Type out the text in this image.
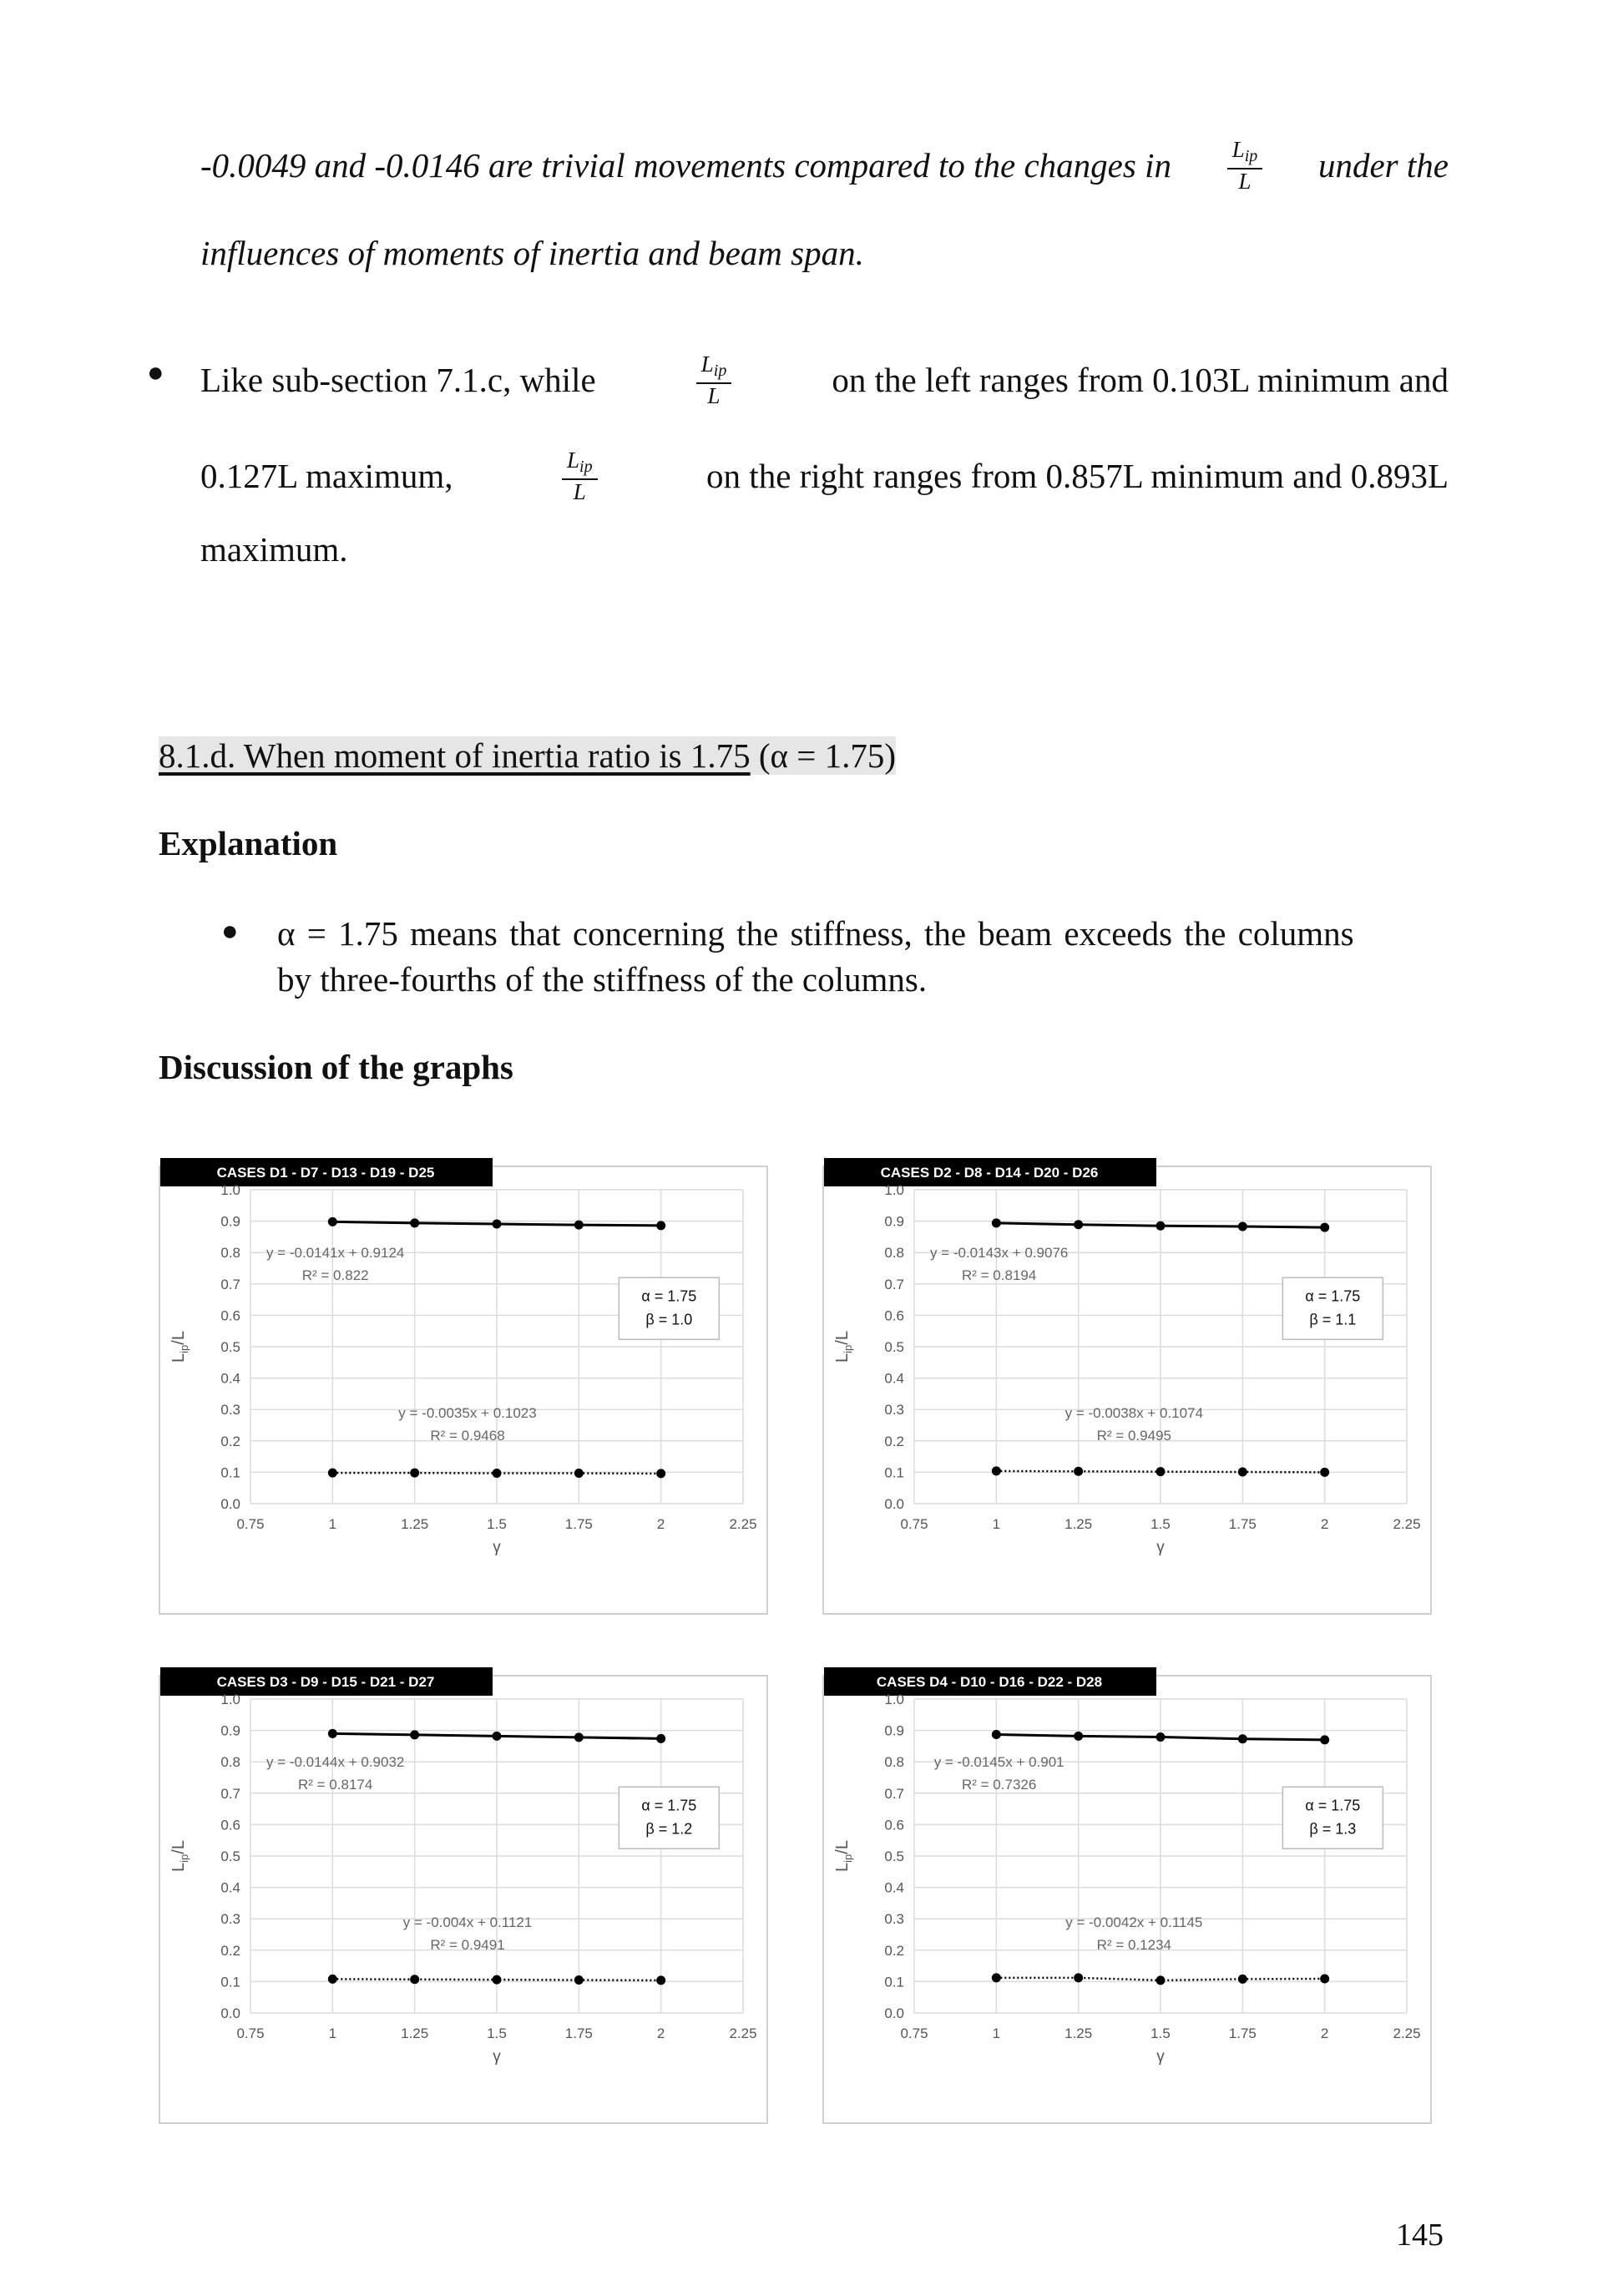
-0.0049 and -0.0146 are trivial movements compared to the changes in $\frac{L_{ip}}{L}$ under the
influences of moments of inertia and beam span.
● Like sub-section 7.1.c, while	$\frac{L_{ip}}{L}$	on the left ranges from 0.103L minimum and
0.127L maximum,	$\frac{L_{ip}}{L}$	on the right ranges from 0.857L minimum and 0.893L
maximum.
8.1.d. When moment of inertia ratio is 1.75 (α = 1.75)
Explanation
● α = 1.75 means that concerning the stiffness, the beam exceeds the columns
by three-fourths of the stiffness of the columns.
Discussion of the graphs
CASES D1 - D7 - D13 - D19 - D25
0.0
0.1
0.2
0.3
0.4
0.5
0.6
0.7
0.8
0.9
1.0
0.75	1	1.25	1.5	1.75	2	2.25
γ
$L_{ip}/L$
y = -0.0141x + 0.9124
R² = 0.822
y = -0.0035x + 0.1023
R² = 0.9468
α = 1.75
β = 1.0
CASES D2 - D8 - D14 - D20 - D26
0.0
0.1
0.2
0.3
0.4
0.5
0.6
0.7
0.8
0.9
1.0
0.75	1	1.25	1.5	1.75	2	2.25
γ
$L_{ip}/L$
y = -0.0143x + 0.9076
R² = 0.8194
y = -0.0038x + 0.1074
R² = 0.9495
α = 1.75
β = 1.1
CASES D3 - D9 - D15 - D21 - D27
0.0
0.1
0.2
0.3
0.4
0.5
0.6
0.7
0.8
0.9
1.0
0.75	1	1.25	1.5	1.75	2	2.25
γ
$L_{ip}/L$
y = -0.0144x + 0.9032
R² = 0.8174
y = -0.004x + 0.1121
R² = 0.9491
α = 1.75
β = 1.2
CASES D4 - D10 - D16 - D22 - D28
0.0
0.1
0.2
0.3
0.4
0.5
0.6
0.7
0.8
0.9
1.0
0.75	1	1.25	1.5	1.75	2	2.25
γ
$L_{ip}/L$
y = -0.0145x + 0.901
R² = 0.7326
y = -0.0042x + 0.1145
R² = 0.1234
α = 1.75
β = 1.3
145
